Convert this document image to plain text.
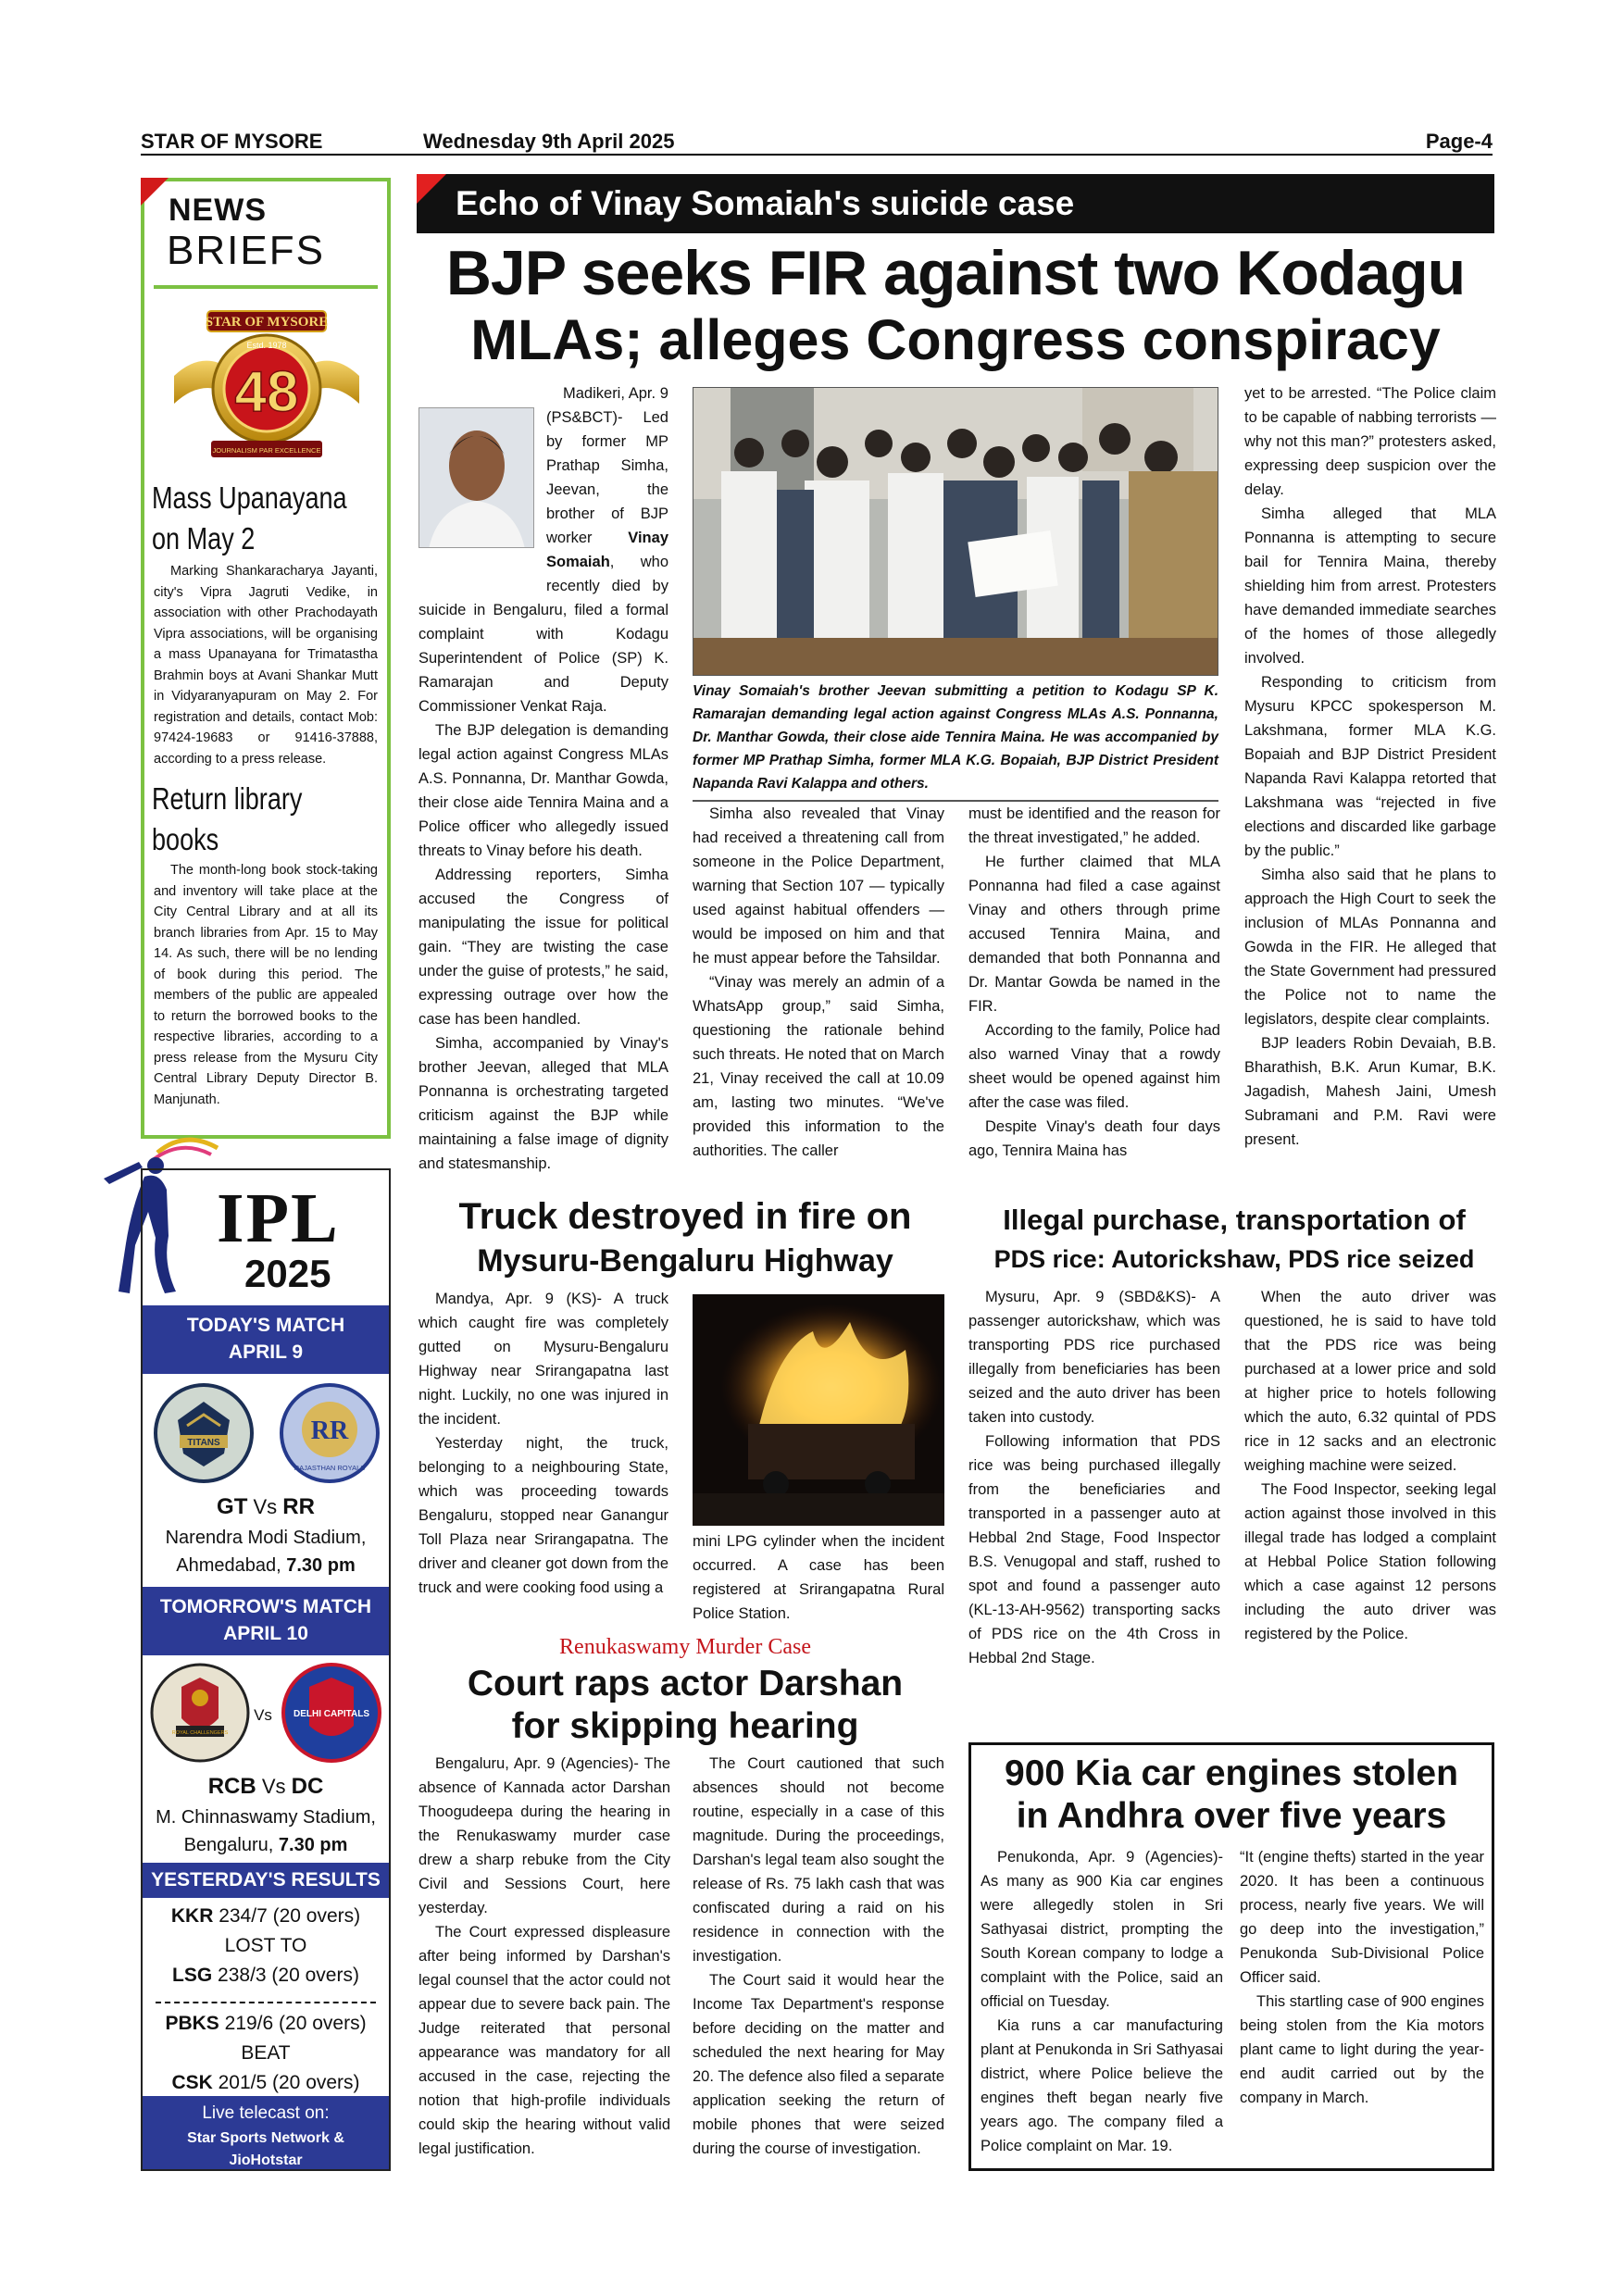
STAR OF MYSORE	Wednesday 9th April 2025	Page-4
NEWS
BRIEFS
STAR OF MYSORE
Estd. 1978
48
JOURNALISM PAR EXCELLENCE
Mass Upanayana on May 2
Marking Shankaracharya Jayanti, city's Vipra Jagruti Vedike, in association with other Prachodayath Vipra associations, will be organising a mass Upanayana for Trimatastha Brahmin boys at Avani Shankar Mutt in Vidyaranyapuram on May 2. For registration and details, contact Mob: 97424-19683 or 91416-37888, according to a press release.
Return library books
The month-long book stock-taking and inventory will take place at the City Central Library and at all its branch libraries from Apr. 15 to May 14. As such, there will be no lending of book during this period. The members of the public are appealed to return the borrowed books to the respective libraries, according to a press release from the Mysuru City Central Library Deputy Director B. Manjunath.
IPL
2025
TODAY'S MATCH
APRIL 9
TITANS	RR
RAJASTHAN ROYALS
GT Vs RR
Narendra Modi Stadium, Ahmedabad, 7.30 pm
TOMORROW'S MATCH
APRIL 10
ROYAL CHALLENGERS
Vs DELHI CAPITALS
RCB Vs DC
M. Chinnaswamy Stadium, Bengaluru, 7.30 pm
YESTERDAY'S RESULTS
KKR 234/7 (20 overs)
LOST TO
LSG 238/3 (20 overs)
PBKS 219/6 (20 overs)
BEAT
CSK 201/5 (20 overs)
Live telecast on:
Star Sports Network & JioHotstar
Echo of Vinay Somaiah's suicide case
BJP seeks FIR against two Kodagu
MLAs; alleges Congress conspiracy

Madikeri, Apr. 9 (PS&BCT)- Led by former MP Prathap Simha, Jeevan, the brother of BJP worker Vinay Somaiah, who recently died by suicide in Bengaluru, filed a formal complaint with Kodagu Superintendent of Police (SP) K. Ramarajan and Deputy Commissioner Venkat Raja.

The BJP delegation is demanding legal action against Congress MLAs A.S. Ponnanna, Dr. Manthar Gowda, their close aide Tennira Maina and a Police officer who allegedly issued threats to Vinay before his death.

Addressing reporters, Simha accused the Congress of manipulating the issue for political gain. “They are twisting the case under the guise of protests,” he said, expressing outrage over how the case has been handled.

Simha, accompanied by Vinay's brother Jeevan, alleged that MLA Ponnanna is orchestrating targeted criticism against the BJP while maintaining a false image of dignity and statesmanship.

Vinay Somaiah's brother Jeevan submitting a petition to Kodagu SP K. Ramarajan demanding legal action against Congress MLAs A.S. Ponnanna, Dr. Manthar Gowda, their close aide Tennira Maina. He was accompanied by former MP Prathap Simha, former MLA K.G. Bopaiah, BJP District President Napanda Ravi Kalappa and others.

Simha also revealed that Vinay had received a threatening call from someone in the Police Department, warning that Section 107 — typically used against habitual offenders — would be imposed on him and that he must appear before the Tahsildar.

“Vinay was merely an admin of a WhatsApp group,” said Simha, questioning the rationale behind such threats. He noted that on March 21, Vinay received the call at 10.09 am, lasting two minutes. “We've provided this information to the authorities. The caller

must be identified and the reason for the threat investigated,” he added.

He further claimed that MLA Ponnanna had filed a case against Vinay and others through prime accused Tennira Maina, and demanded that both Ponnanna and Dr. Mantar Gowda be named in the FIR.

According to the family, Police had also warned Vinay that a rowdy sheet would be opened against him after the case was filed.

Despite Vinay's death four days ago, Tennira Maina has

yet to be arrested. “The Police claim to be capable of nabbing terrorists — why not this man?” protesters asked, expressing deep suspicion over the delay.

Simha alleged that MLA Ponnanna is attempting to secure bail for Tennira Maina, thereby shielding him from arrest. Protesters have demanded immediate searches of the homes of those allegedly involved.

Responding to criticism from Mysuru KPCC spokesperson M. Lakshmana, former MLA K.G. Bopaiah and BJP District President Napanda Ravi Kalappa retorted that Lakshmana was “rejected in five elections and discarded like garbage by the public.”

Simha also said that he plans to approach the High Court to seek the inclusion of MLAs Ponnanna and Gowda in the FIR. He alleged that the State Government had pressured the Police not to name the legislators, despite clear complaints.

BJP leaders Robin Devaiah, B.B. Bharathish, B.K. Arun Kumar, B.K. Jagadish, Mahesh Jaini, Umesh Subramani and P.M. Ravi were present.

Truck destroyed in fire on
Mysuru-Bengaluru Highway

Mandya, Apr. 9 (KS)- A truck which caught fire was completely gutted on Mysuru-Bengaluru Highway near Srirangapatna last night. Luckily, no one was injured in the incident.

Yesterday night, the truck, belonging to a neighbouring State, which was proceeding towards Bengaluru, stopped near Ganangur Toll Plaza near Srirangapatna. The driver and cleaner got down from the truck and were cooking food using a

mini LPG cylinder when the incident occurred. A case has been registered at Srirangapatna Rural Police Station.

Illegal purchase, transportation of
PDS rice: Autorickshaw, PDS rice seized

Mysuru, Apr. 9 (SBD&KS)- A passenger autorickshaw, which was transporting PDS rice purchased illegally from beneficiaries has been seized and the auto driver has been taken into custody.

Following information that PDS rice was being purchased illegally from the beneficiaries and transported in a passenger auto at Hebbal 2nd Stage, Food Inspector B.S. Venugopal and staff, rushed to spot and found a passenger auto (KL-13-AH-9562) transporting sacks of PDS rice on the 4th Cross in Hebbal 2nd Stage.

When the auto driver was questioned, he is said to have told that the PDS rice was being purchased at a lower price and sold at higher price to hotels following which the auto, 6.32 quintal of PDS rice in 12 sacks and an electronic weighing machine were seized.

The Food Inspector, seeking legal action against those involved in this illegal trade has lodged a complaint at Hebbal Police Station following which a case against 12 persons including the auto driver was registered by the Police.

Renukaswamy Murder Case
Court raps actor Darshan
for skipping hearing

Bengaluru, Apr. 9 (Agencies)- The absence of Kannada actor Darshan Thoogudeepa during the hearing in the Renukaswamy murder case drew a sharp rebuke from the City Civil and Sessions Court, here yesterday.

The Court expressed displeasure after being informed by Darshan's legal counsel that the actor could not appear due to severe back pain. The Judge reiterated that personal appearance was mandatory for all accused in the case, rejecting the notion that high-profile individuals could skip the hearing without valid legal justification.

The Court cautioned that such absences should not become routine, especially in a case of this magnitude. During the proceedings, Darshan's legal team also sought the release of Rs. 75 lakh cash that was confiscated during a raid on his residence in connection with the investigation.

The Court said it would hear the Income Tax Department's response before deciding on the matter and scheduled the next hearing for May 20. The defence also filed a separate application seeking the return of mobile phones that were seized during the course of investigation.

900 Kia car engines stolen
in Andhra over five years

Penukonda, Apr. 9 (Agencies)- As many as 900 Kia car engines were allegedly stolen in Sri Sathyasai district, prompting the South Korean company to lodge a complaint with the Police, said an official on Tuesday.

Kia runs a car manufacturing plant at Penukonda in Sri Sathyasai district, where Police believe the engines theft began nearly five years ago. The company filed a Police complaint on Mar. 19.

“It (engine thefts) started in the year 2020. It has been a continuous process, nearly five years. We will go deep into the investigation,” Penukonda Sub-Divisional Police Officer said.

This startling case of 900 engines being stolen from the Kia motors plant came to light during the year-end audit carried out by the company in March.
